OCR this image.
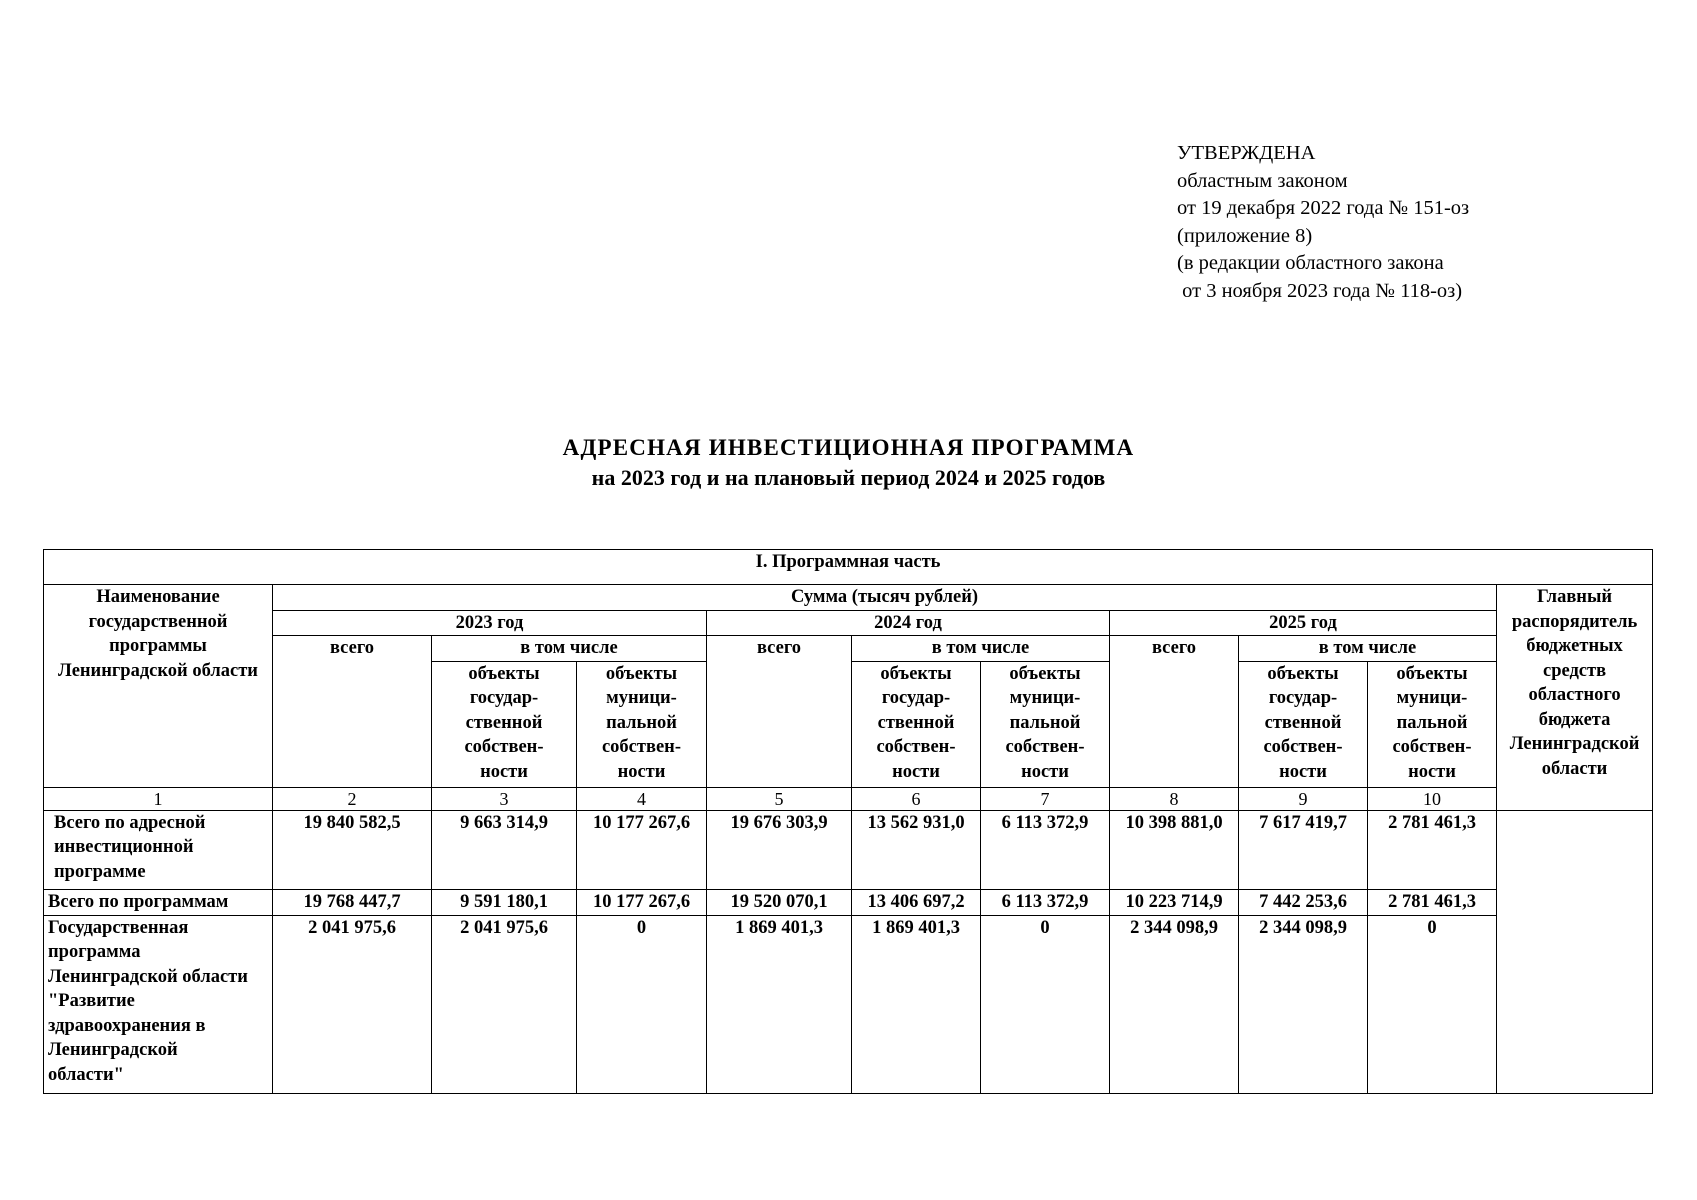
УТВЕРЖДЕНА
областным законом
от 19 декабря 2022 года № 151-оз
(приложение 8)
(в редакции областного закона
от 3 ноября 2023 года № 118-оз)
АДРЕСНАЯ ИНВЕСТИЦИОННАЯ ПРОГРАММА
на 2023 год и на плановый период 2024 и 2025 годов
I. Программная часть											
Наименование государственной программы Ленинградской области	Сумма (тысяч рублей)									Главный распорядитель бюджетных средств областного бюджета Ленинградской области	
	2023 год			2024 год			2025 год				
	всего	в том числе		всего	в том числе		всего	в том числе			
		объекты государ-ственной собствен-ности	объекты муници-пальной собствен-ности		объекты государ-ственной собствен-ности	объекты муници-пальной собствен-ности		объекты государ-ственной собствен-ности	объекты муници-пальной собствен-ности		
1	2	3	4	5	6	7	8	9	10	
Всего по адресной инвестиционной программе	19 840 582,5	9 663 314,9	10 177 267,6	19 676 303,9	13 562 931,0	6 113 372,9	10 398 881,0	7 617 419,7	2 781 461,3		
Всего по программам	19 768 447,7	9 591 180,1	10 177 267,6	19 520 070,1	13 406 697,2	6 113 372,9	10 223 714,9	7 442 253,6	2 781 461,3		
Государственная программа Ленинградской области "Развитие здравоохранения в Ленинградской области"	2 041 975,6	2 041 975,6	0	1 869 401,3	1 869 401,3	0	2 344 098,9	2 344 098,9	0		
